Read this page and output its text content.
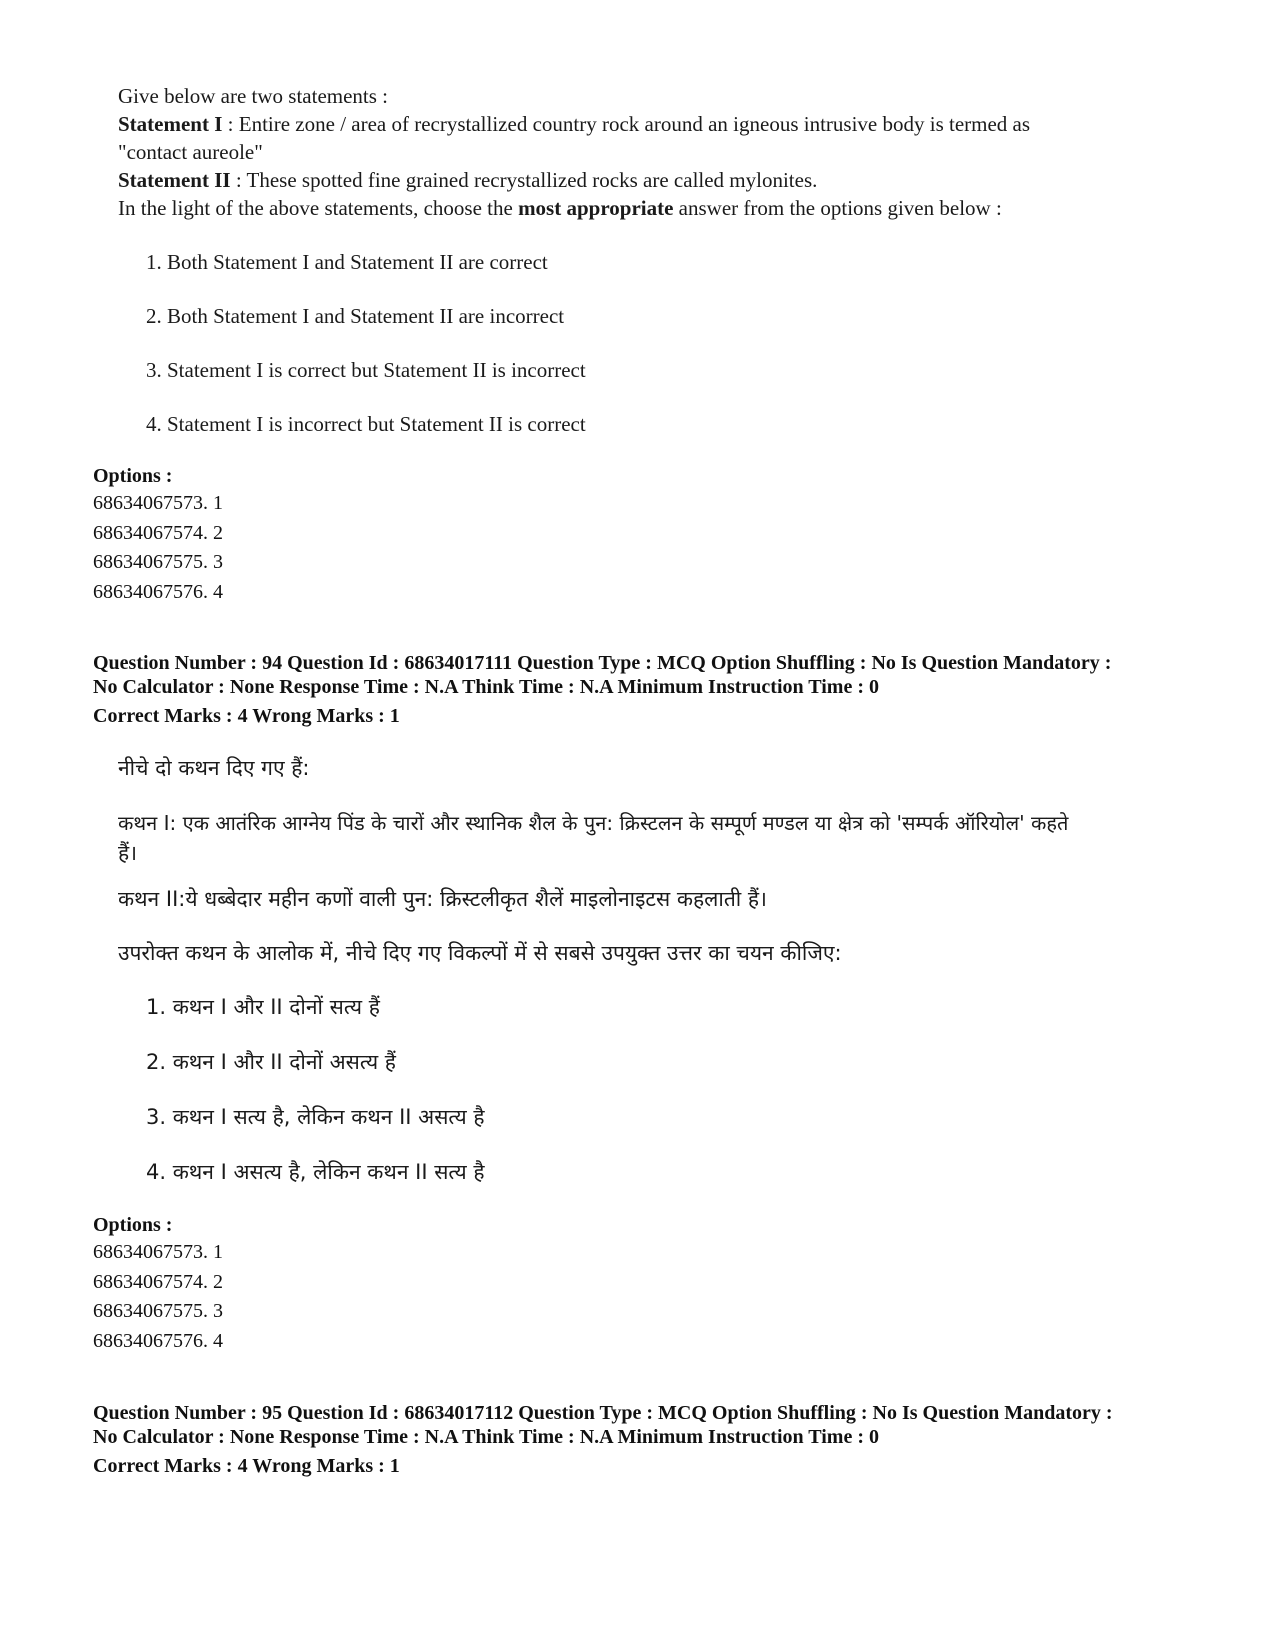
Give below are two statements :
Statement I : Entire zone / area of recrystallized country rock around an igneous intrusive body is termed as
"contact aureole"
Statement II : These spotted fine grained recrystallized rocks are called mylonites.
In the light of the above statements, choose the most appropriate answer from the options given below :
1. Both Statement I and Statement II are correct
2. Both Statement I and Statement II are incorrect
3. Statement I is correct but Statement II is incorrect
4. Statement I is incorrect but Statement II is correct
Options :
68634067573. 1
68634067574. 2
68634067575. 3
68634067576. 4
Question Number : 94 Question Id : 68634017111 Question Type : MCQ Option Shuffling : No Is Question Mandatory :
No Calculator : None Response Time : N.A Think Time : N.A Minimum Instruction Time : 0
Correct Marks : 4 Wrong Marks : 1
नीचे दो कथन दिए गए हैं:
कथन I: एक आतंरिक आग्नेय पिंड के चारों और स्थानिक शैल के पुन: क्रिस्टलन के सम्पूर्ण मण्डल या क्षेत्र को 'सम्पर्क ऑरियोल' कहते
हैं।
कथन II:ये धब्बेदार महीन कणों वाली पुन: क्रिस्टलीकृत शैलें माइलोनाइटस कहलाती हैं।
उपरोक्त कथन के आलोक में, नीचे दिए गए विकल्पों में से सबसे उपयुक्त उत्तर का चयन कीजिए:
1. कथन I और II दोनों सत्य हैं
2. कथन I और II दोनों असत्य हैं
3. कथन I सत्य है, लेकिन कथन II असत्य है
4. कथन I असत्य है, लेकिन कथन II सत्य है
Options :
68634067573. 1
68634067574. 2
68634067575. 3
68634067576. 4
Question Number : 95 Question Id : 68634017112 Question Type : MCQ Option Shuffling : No Is Question Mandatory :
No Calculator : None Response Time : N.A Think Time : N.A Minimum Instruction Time : 0
Correct Marks : 4 Wrong Marks : 1
